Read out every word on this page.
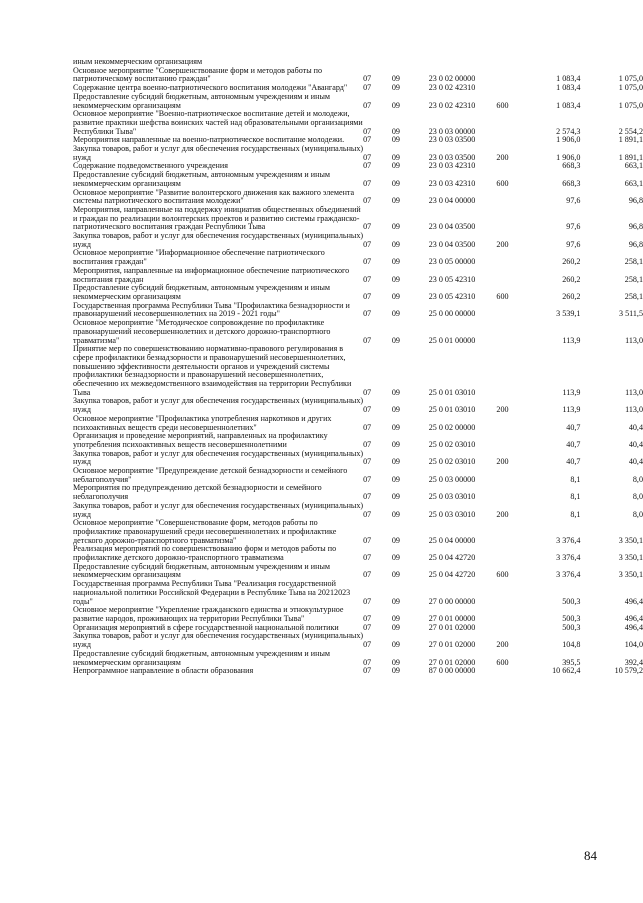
иным некоммерческим организациям						
Основное мероприятие "Совершенствование форм и методов работы по патриотическому воспитанию граждан"	07	09	23 0 02 00000		1 083,4	1 075,0
Содержание центра военно-патриотического воспитания молодежи "Авангард"	07	09	23 0 02 42310		1 083,4	1 075,0
Предоставление субсидий бюджетным, автономным учреждениям и иным некоммерческим организациям	07	09	23 0 02 42310	600	1 083,4	1 075,0
Основное мероприятие "Военно-патриотическое воспитание детей и молодежи, развитие практики шефства воинских частей над образовательными организациями Республики Тыва"	07	09	23 0 03 00000		2 574,3	2 554,2
Мероприятия направленные на военно-патриотическое воспитание молодежи.	07	09	23 0 03 03500		1 906,0	1 891,1
Закупка товаров, работ и услуг для обеспечения государственных (муниципальных) нужд	07	09	23 0 03 03500	200	1 906,0	1 891,1
Содержание подведомственного учреждения	07	09	23 0 03 42310		668,3	663,1
Предоставление субсидий бюджетным, автономным учреждениям и иным некоммерческим организациям	07	09	23 0 03 42310	600	668,3	663,1
Основное мероприятие "Развитие волонтерского движения как важного элемента системы патриотического воспитания молодежи"	07	09	23 0 04 00000		97,6	96,8
Мероприятия, направленные на поддержку инициатив общественных объединений и граждан по реализации волонтерских проектов и развитию системы гражданско-патриотического воспитания граждан Республики Тыва	07	09	23 0 04 03500		97,6	96,8
Закупка товаров, работ и услуг для обеспечения государственных (муниципальных) нужд	07	09	23 0 04 03500	200	97,6	96,8
Основное мероприятие "Информационное обеспечение патриотического воспитания граждан"	07	09	23 0 05 00000		260,2	258,1
Мероприятия, направленные на информационное обеспечение патриотического воспитания граждан	07	09	23 0 05 42310		260,2	258,1
Предоставление субсидий бюджетным, автономным учреждениям и иным некоммерческим организациям	07	09	23 0 05 42310	600	260,2	258,1
Государственная программа Республики Тыва "Профилактика безнадзорности и правонарушений несовершеннолетних на 2019 - 2021 годы"	07	09	25 0 00 00000		3 539,1	3 511,5
Основное мероприятие "Методическое сопровождение по профилактике правонарушений несовершеннолетних и детского дорожно-транспортного травматизма"	07	09	25 0 01 00000		113,9	113,0
Принятие мер по совершенствованию нормативно-правового регулирования в сфере профилактики безнадзорности и правонарушений несовершеннолетних, повышению эффективности деятельности органов и учреждений системы профилактики безнадзорности и правонарушений несовершеннолетних, обеспечению их межведомственного взаимодействия на территории Республики Тыва	07	09	25 0 01 03010		113,9	113,0
Закупка товаров, работ и услуг для обеспечения государственных (муниципальных) нужд	07	09	25 0 01 03010	200	113,9	113,0
Основное мероприятие "Профилактика употребления наркотиков и других психоактивных веществ среди несовершеннолетних"	07	09	25 0 02 00000		40,7	40,4
Организация и проведение мероприятий, направленных на профилактику употребления психоактивных веществ несовершеннолетними	07	09	25 0 02 03010		40,7	40,4
Закупка товаров, работ и услуг для обеспечения государственных (муниципальных) нужд	07	09	25 0 02 03010	200	40,7	40,4
Основное мероприятие "Предупреждение детской безнадзорности и семейного неблагополучия"	07	09	25 0 03 00000		8,1	8,0
Мероприятия по предупреждению детской безнадзорности и семейного неблагополучия	07	09	25 0 03 03010		8,1	8,0
Закупка товаров, работ и услуг для обеспечения государственных (муниципальных) нужд	07	09	25 0 03 03010	200	8,1	8,0
Основное мероприятие "Совершенствование форм, методов работы по профилактике правонарушений среди несовершеннолетних и профилактике детского дорожно-транспортного травматизма"	07	09	25 0 04 00000		3 376,4	3 350,1
Реализация мероприятий по совершенствованию форм и методов работы по профилактике детского дорожно-транспортного травматизма	07	09	25 0 04 42720		3 376,4	3 350,1
Предоставление субсидий бюджетным, автономным учреждениям и иным некоммерческим организациям	07	09	25 0 04 42720	600	3 376,4	3 350,1
Государственная программа Республики Тыва "Реализация государственной национальной политики Российской Федерации в Республике Тыва на 20212023 годы"	07	09	27 0 00 00000		500,3	496,4
Основное мероприятие "Укрепление гражданского единства и этнокультурное развитие народов, проживающих на территории Республики Тыва"	07	09	27 0 01 00000		500,3	496,4
Организация мероприятий в сфере государственной национальной политики	07	09	27 0 01 02000		500,3	496,4
Закупка товаров, работ и услуг для обеспечения государственных (муниципальных) нужд	07	09	27 0 01 02000	200	104,8	104,0
Предоставление субсидий бюджетным, автономным учреждениям и иным некоммерческим организациям	07	09	27 0 01 02000	600	395,5	392,4
Непрограммное направление в области образования	07	09	87 0 00 00000		10 662,4	10 579,2
84
